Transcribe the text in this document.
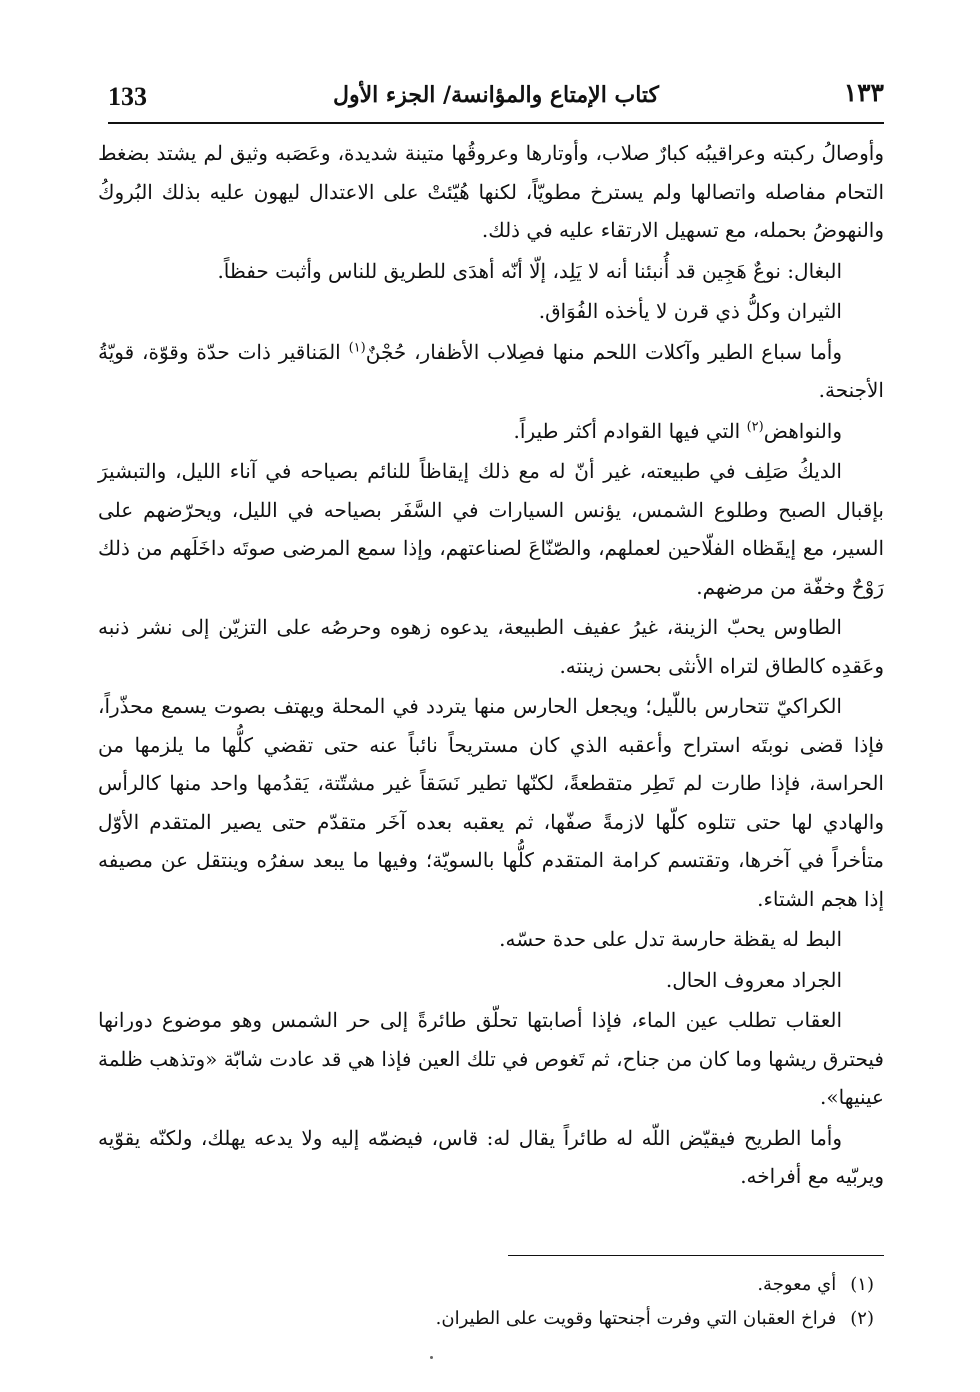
133	كتاب الإمتاع والمؤانسة/ الجزء الأول	١٣٣

وأوصالُ ركبته وعراقيبُه كبارٌ صلاب، وأوتارها وعروقُها متينة شديدة، وعَصَبه وثيق لم يشتد بضغط التحام مفاصله واتصالها ولم يسترخ مطويّاً، لكنها هُيّئتْ على الاعتدال ليهون عليه بذلك البُروكُ والنهوضُ بحمله، مع تسهيل الارتقاء عليه في ذلك.

البغال: نوعٌ هَجِين قد أُنبئنا أنه لا يَلِد، إلّا أنّه أهدَى للطريق للناس وأثبت حفظاً.

الثيران وكلُّ ذي قرن لا يأخذه الفُوَاق.

وأما سباع الطير وآكلات اللحم منها فصِلاب الأظفار، حُجْنٌ$^{(١)}$ المَناقير ذات حدّة وقوّة، قويّةُ الأجنحة.

والنواهض$^{(٢)}$ التي فيها القوادم أكثر طيراً.

الديكُ صَلِف في طبيعته، غير أنّ له مع ذلك إيقاظاً للنائم بصياحه في آناء الليل، والتبشيرَ بإقبال الصبح وطلوع الشمس، يؤنس السيارات في السَّفَر بصياحه في الليل، ويحرّضهم على السير، مع إيقَظاه الفلّاحين لعملهم، والصّنّاعَ لصناعتهم، وإذا سمع المرضى صوتَه داخَلَهم من ذلك رَوْحٌ وخفّة من مرضهم.

الطاوس يحبّ الزينة، غيرُ عفيف الطبيعة، يدعوه زهوه وحرصُه على التزيّن إلى نشر ذنبه وعَقدِه كالطاق لتراه الأنثى بحسن زينته.

الكراكيّ تتحارس باللّيل؛ ويجعل الحارس منها يتردد في المحلة ويهتف بصوت يسمع محذّراً، فإذا قضى نوبتَه استراح وأعقبه الذي كان مستريحاً نائباً عنه حتى تقضي كلُّها ما يلزمها من الحراسة، فإذا طارت لم تَطِر متقطعةً، لكنّها تطير نَسَقاً غير مشتّتة، يَقدُمها واحد منها كالرأس والهادي لها حتى تتلوه كلّها لازمةً صفّها، ثم يعقبه بعده آخَر متقدّم حتى يصير المتقدم الأوّل متأخراً في آخرها، وتقتسم كرامة المتقدم كلُّها بالسويّة؛ وفيها ما يبعد سفرُه وينتقل عن مصيفه إذا هجم الشتاء.

البط له يقظة حارسة تدل على حدة حسّه.

الجراد معروف الحال.

العقاب تطلب عين الماء، فإذا أصابتها تحلّق طائرةً إلى حر الشمس وهو موضوع دورانها فيحترق ريشها وما كان من جناح، ثم تَغوص في تلك العين فإذا هي قد عادت شابّة «وتذهب ظلمة عينيها».

وأما الطريح فيقيّض اللّه له طائراً يقال له: قاس، فيضمّه إليه ولا يدعه يهلك، ولكنّه يقوّيه ويربّيه مع أفراخه.

(١)أي معوجة.

(٢)فراخ العقبان التي وفرت أجنحتها وقويت على الطيران.
